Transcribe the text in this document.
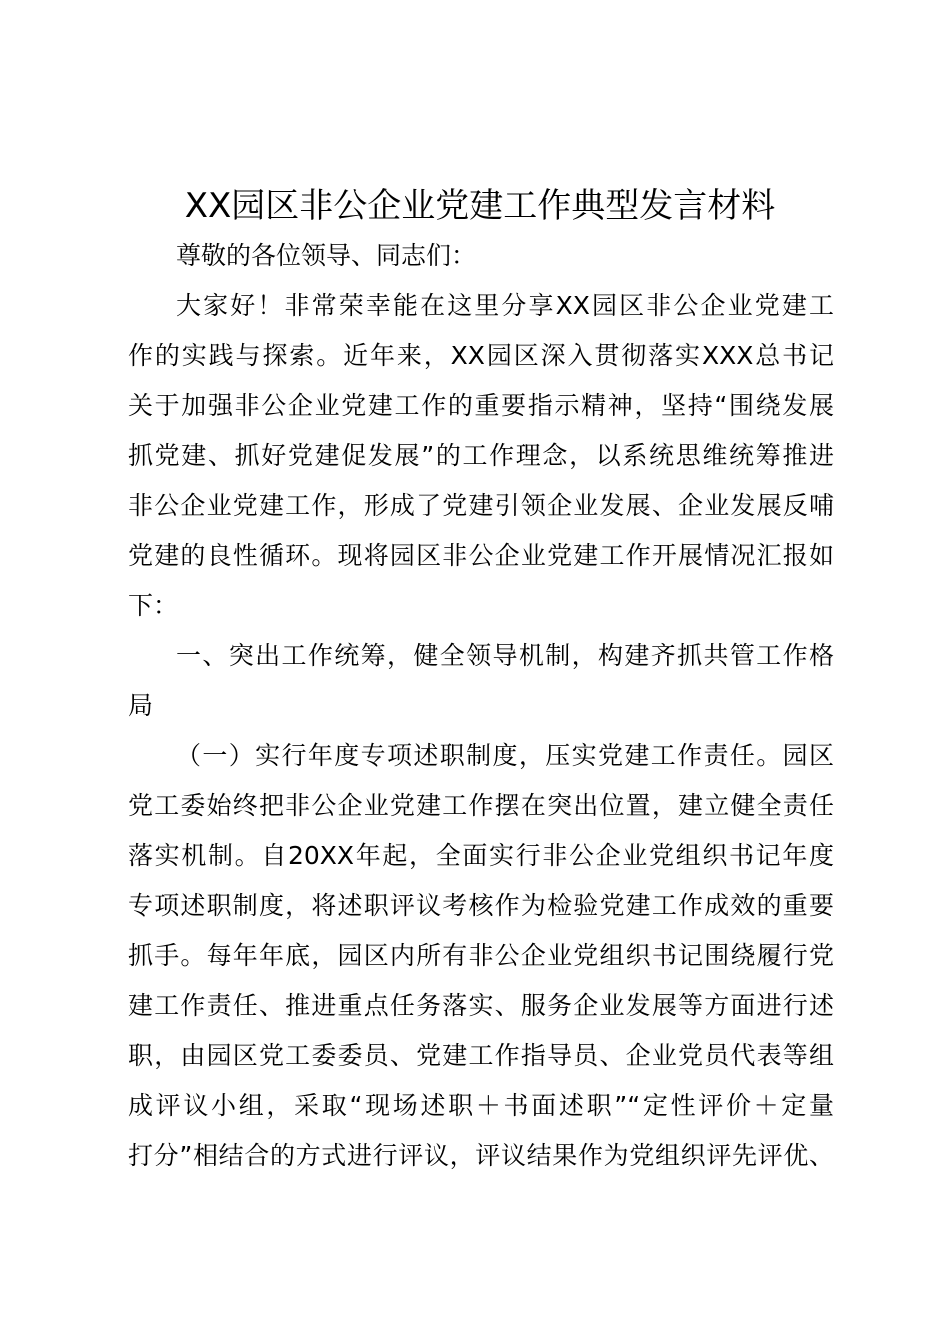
XX园区非公企业党建工作典型发言材料
尊敬的各位领导、同志们：
大家好！非常荣幸能在这里分享XX园区非公企业党建工
作的实践与探索。近年来，XX园区深入贯彻落实XXX总书记
关于加强非公企业党建工作的重要指示精神，坚持“围绕发展
抓党建、抓好党建促发展”的工作理念，以系统思维统筹推进
非公企业党建工作，形成了党建引领企业发展、企业发展反哺
党建的良性循环。现将园区非公企业党建工作开展情况汇报如
下：
一、突出工作统筹，健全领导机制，构建齐抓共管工作格
局
（一）实行年度专项述职制度，压实党建工作责任。园区
党工委始终把非公企业党建工作摆在突出位置，建立健全责任
落实机制。自20XX年起，全面实行非公企业党组织书记年度
专项述职制度，将述职评议考核作为检验党建工作成效的重要
抓手。每年年底，园区内所有非公企业党组织书记围绕履行党
建工作责任、推进重点任务落实、服务企业发展等方面进行述
职，由园区党工委委员、党建工作指导员、企业党员代表等组
成评议小组，采取“现场述职＋书面述职”“定性评价＋定量
打分”相结合的方式进行评议，评议结果作为党组织评先评优、
